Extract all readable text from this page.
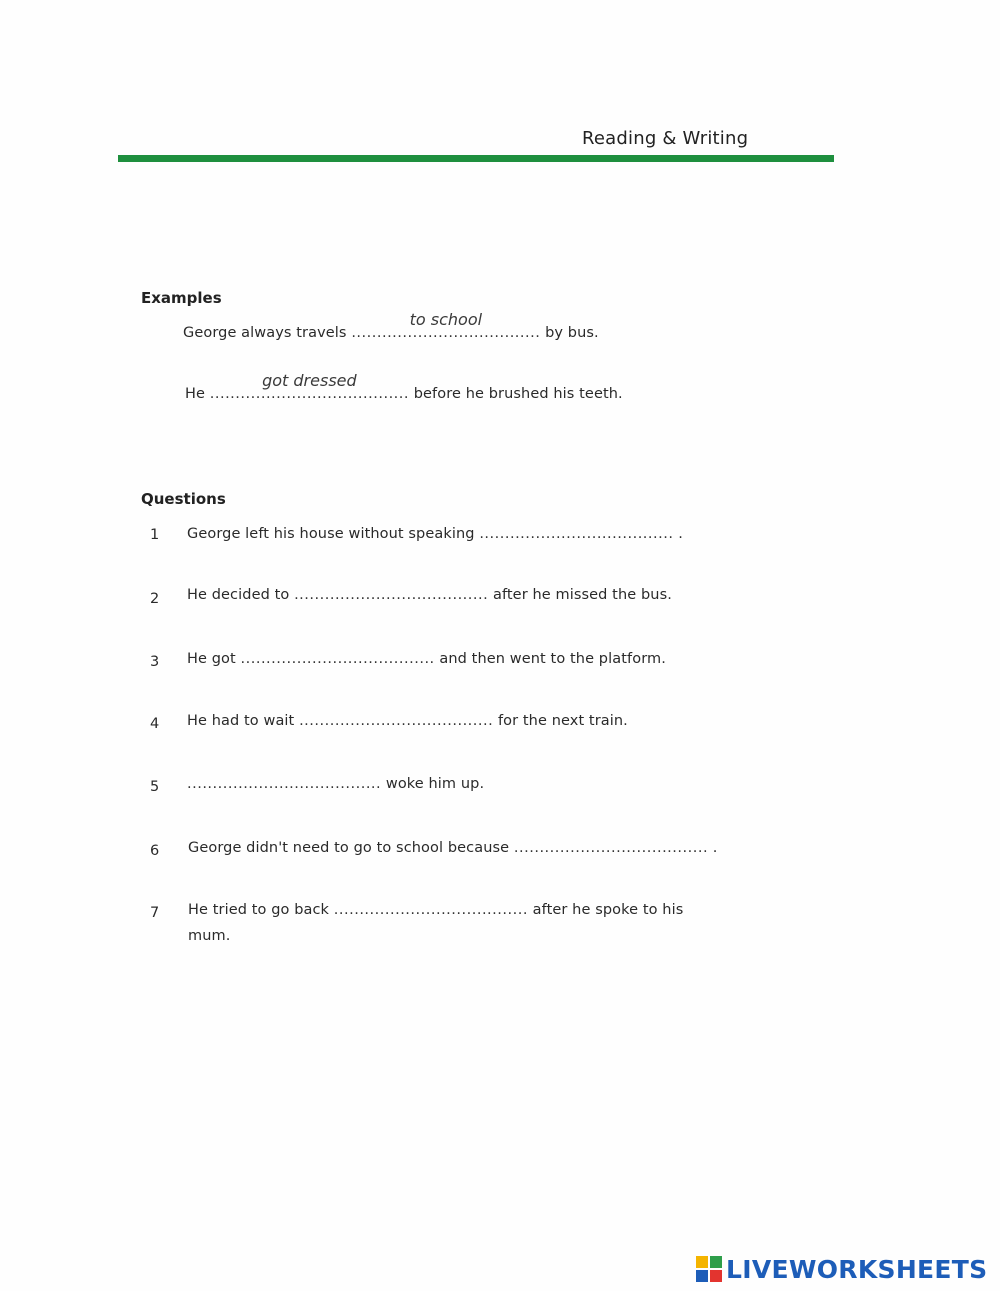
Reading & Writing
Examples
George always travels .....................................
to school
by bus.
He .......................................
got dressed
before he brushed his teeth.
Questions
1 George left his house without speaking ...................................... .
2 He decided to ...................................... after he missed the bus.
3 He got ...................................... and then went to the platform.
4 He had to wait ...................................... for the next train.
5 ...................................... woke him up.
6 George didn't need to go to school because ...................................... .
7 He tried to go back ...................................... after he spoke to his
mum.
LIVEWORKSHEETS
